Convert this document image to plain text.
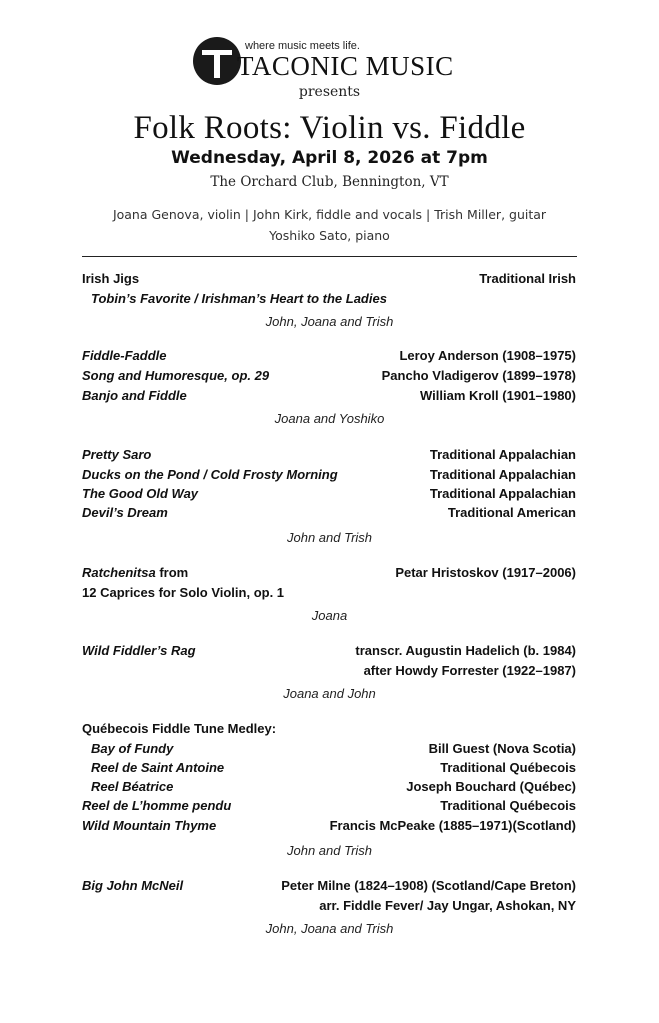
where music meets life.
TACONIC MUSIC
presents
Folk Roots: Violin vs. Fiddle
Wednesday, April 8, 2026 at 7pm
The Orchard Club, Bennington, VT
Joana Genova, violin | John Kirk, fiddle and vocals | Trish Miller, guitar
Yoshiko Sato, piano
Irish Jigs	Traditional Irish
Tobin’s Favorite / Irishman’s Heart to the Ladies
John, Joana and Trish
Fiddle-Faddle	Leroy Anderson (1908–1975)
Song and Humoresque, op. 29	Pancho Vladigerov (1899–1978)
Banjo and Fiddle	William Kroll (1901–1980)
Joana and Yoshiko
Pretty Saro	Traditional Appalachian
Ducks on the Pond / Cold Frosty Morning	Traditional Appalachian
The Good Old Way	Traditional Appalachian
Devil’s Dream	Traditional American
John and Trish
Ratchenitsa from	Petar Hristoskov (1917–2006)
12 Caprices for Solo Violin, op. 1
Joana
Wild Fiddler’s Rag	transcr. Augustin Hadelich (b. 1984)
after Howdy Forrester (1922–1987)
Joana and John
Québecois Fiddle Tune Medley:
Bay of Fundy	Bill Guest (Nova Scotia)
Reel de Saint Antoine	Traditional Québecois
Reel Béatrice	Joseph Bouchard (Québec)
Reel de L’homme pendu	Traditional Québecois
Wild Mountain Thyme	Francis McPeake (1885–1971)(Scotland)
John and Trish
Big John McNeil	Peter Milne (1824–1908) (Scotland/Cape Breton)
arr. Fiddle Fever/ Jay Ungar, Ashokan, NY
John, Joana and Trish
